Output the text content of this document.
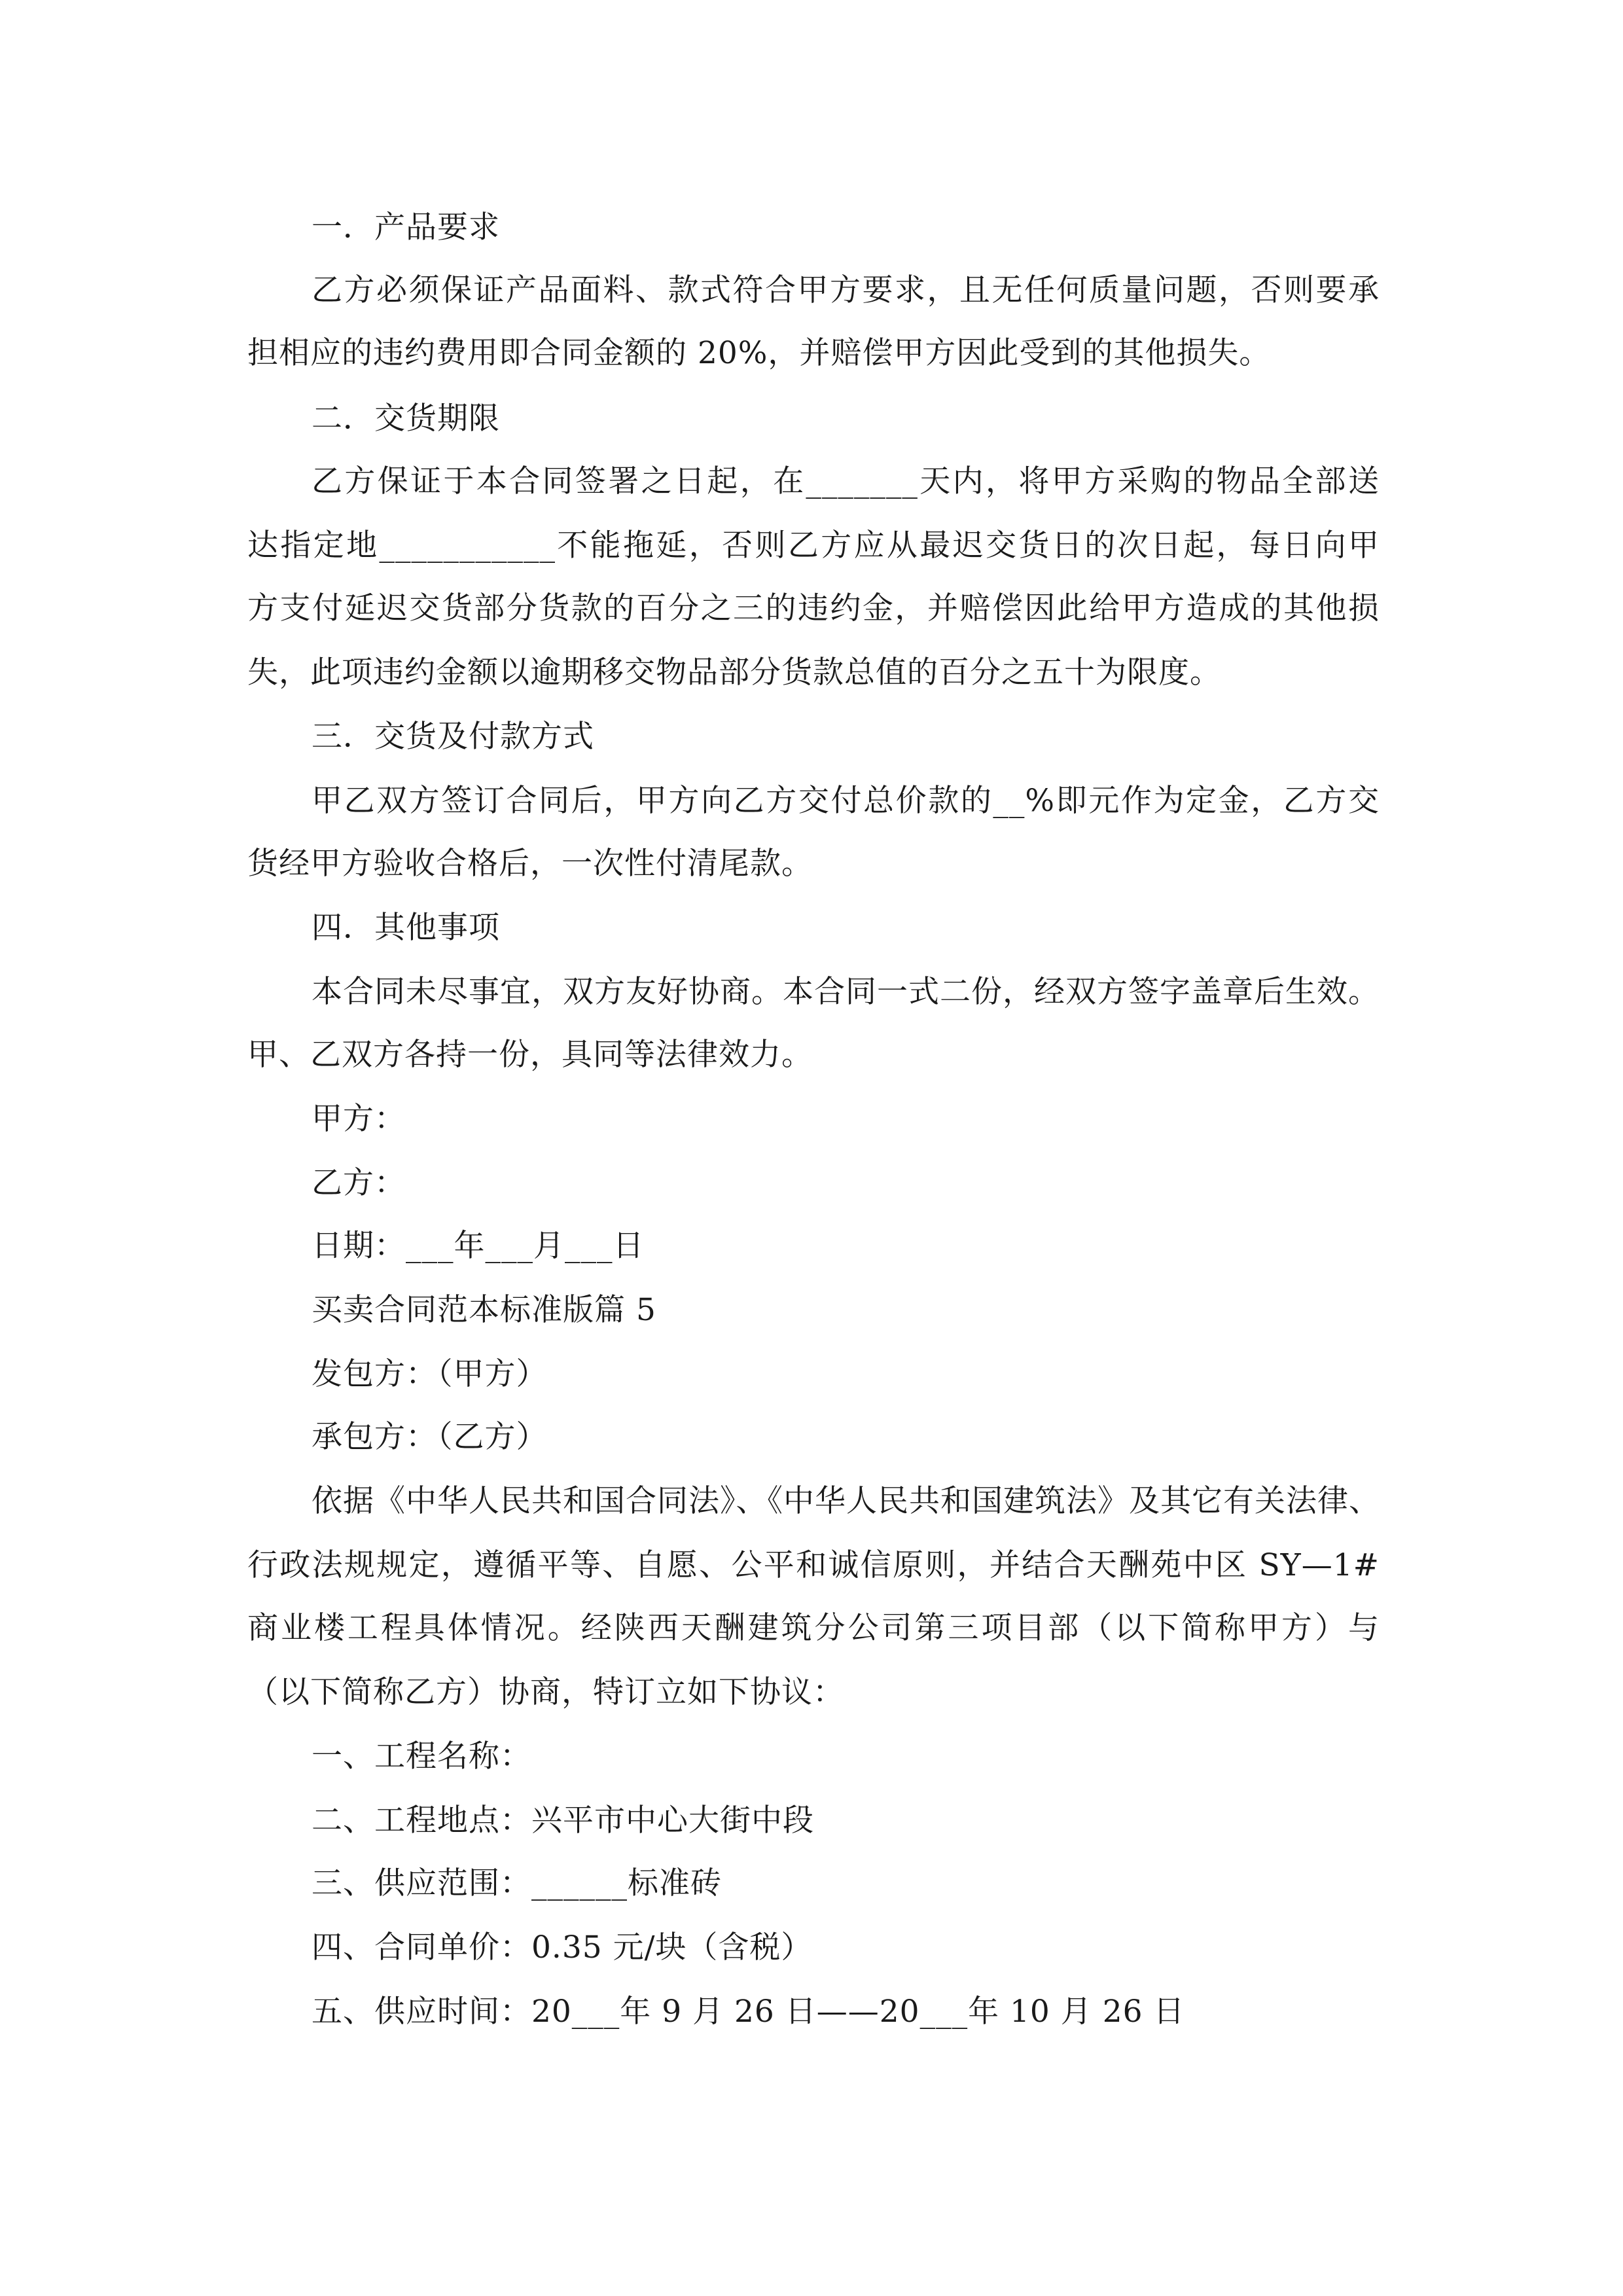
一．产品要求
乙方必须保证产品面料、款式符合甲方要求，且无任何质量问题，否则要承
担相应的违约费用即合同金额的 20%，并赔偿甲方因此受到的其他损失。
二．交货期限
乙方保证于本合同签署之日起，在_______天内，将甲方采购的物品全部送
达指定地___________不能拖延，否则乙方应从最迟交货日的次日起，每日向甲
方支付延迟交货部分货款的百分之三的违约金，并赔偿因此给甲方造成的其他损
失，此项违约金额以逾期移交物品部分货款总值的百分之五十为限度。
三．交货及付款方式
甲乙双方签订合同后，甲方向乙方交付总价款的__%即元作为定金，乙方交
货经甲方验收合格后，一次性付清尾款。
四．其他事项
本合同未尽事宜，双方友好协商。本合同一式二份，经双方签字盖章后生效。
甲、乙双方各持一份，具同等法律效力。
甲方：
乙方：
日期：___年___月___日
买卖合同范本标准版篇 5
发包方：（甲方）
承包方：（乙方）
依据《中华人民共和国合同法》、《中华人民共和国建筑法》及其它有关法律、
行政法规规定，遵循平等、自愿、公平和诚信原则，并结合天酬苑中区 SY—1#
商业楼工程具体情况。经陕西天酬建筑分公司第三项目部（以下简称甲方）与
（以下简称乙方）协商，特订立如下协议：
一、工程名称：
二、工程地点：兴平市中心大街中段
三、供应范围：______标准砖
四、合同单价：0.35 元/块（含税）
五、供应时间：20___年 9 月 26 日——20___年 10 月 26 日
